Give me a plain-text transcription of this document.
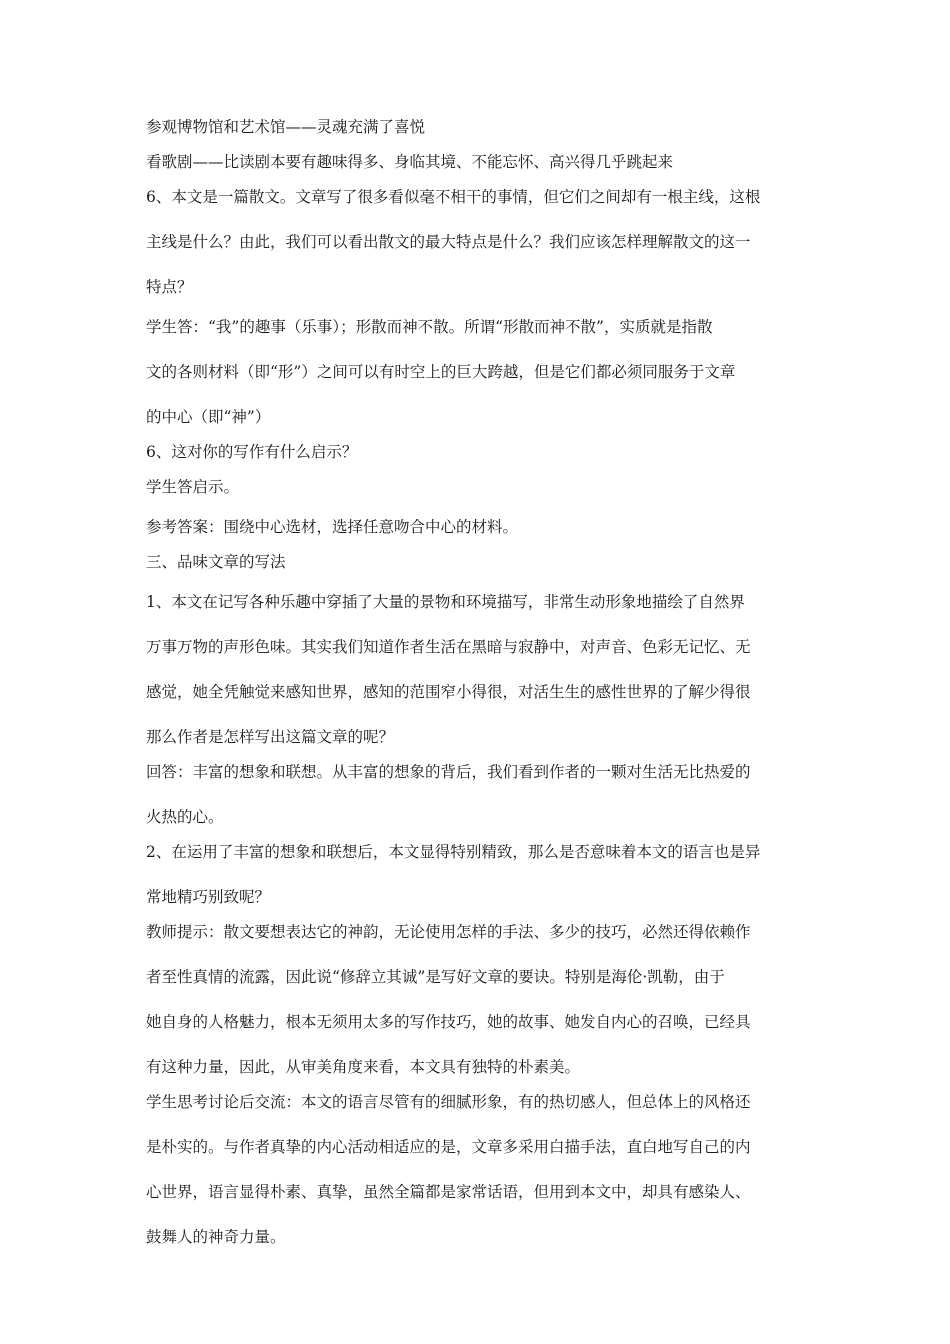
参观博物馆和艺术馆——灵魂充满了喜悦
看歌剧——比读剧本要有趣味得多、身临其境、不能忘怀、高兴得几乎跳起来
6、本文是一篇散文。文章写了很多看似毫不相干的事情，但它们之间却有一根主线，这根
主线是什么？由此，我们可以看出散文的最大特点是什么？我们应该怎样理解散文的这一
特点？
学生答：“我”的趣事（乐事）；形散而神不散。所谓“形散而神不散”，实质就是指散
文的各则材料（即“形”）之间可以有时空上的巨大跨越，但是它们都必须同服务于文章
的中心（即“神”）
6、这对你的写作有什么启示？
学生答启示。
参考答案：围绕中心选材，选择任意吻合中心的材料。
三、品味文章的写法
1、本文在记写各种乐趣中穿插了大量的景物和环境描写，非常生动形象地描绘了自然界
万事万物的声形色味。其实我们知道作者生活在黑暗与寂静中，对声音、色彩无记忆、无
感觉，她全凭触觉来感知世界，感知的范围窄小得很，对活生生的感性世界的了解少得很
那么作者是怎样写出这篇文章的呢？
回答：丰富的想象和联想。从丰富的想象的背后，我们看到作者的一颗对生活无比热爱的
火热的心。
2、在运用了丰富的想象和联想后，本文显得特别精致，那么是否意味着本文的语言也是异
常地精巧别致呢？
教师提示：散文要想表达它的神韵，无论使用怎样的手法、多少的技巧，必然还得依赖作
者至性真情的流露，因此说“修辞立其诚”是写好文章的要诀。特别是海伦·凯勒，由于
她自身的人格魅力，根本无须用太多的写作技巧，她的故事、她发自内心的召唤，已经具
有这种力量，因此，从审美角度来看，本文具有独特的朴素美。
学生思考讨论后交流：本文的语言尽管有的细腻形象，有的热切感人，但总体上的风格还
是朴实的。与作者真挚的内心活动相适应的是，文章多采用白描手法，直白地写自己的内
心世界，语言显得朴素、真挚，虽然全篇都是家常话语，但用到本文中，却具有感染人、
鼓舞人的神奇力量。
